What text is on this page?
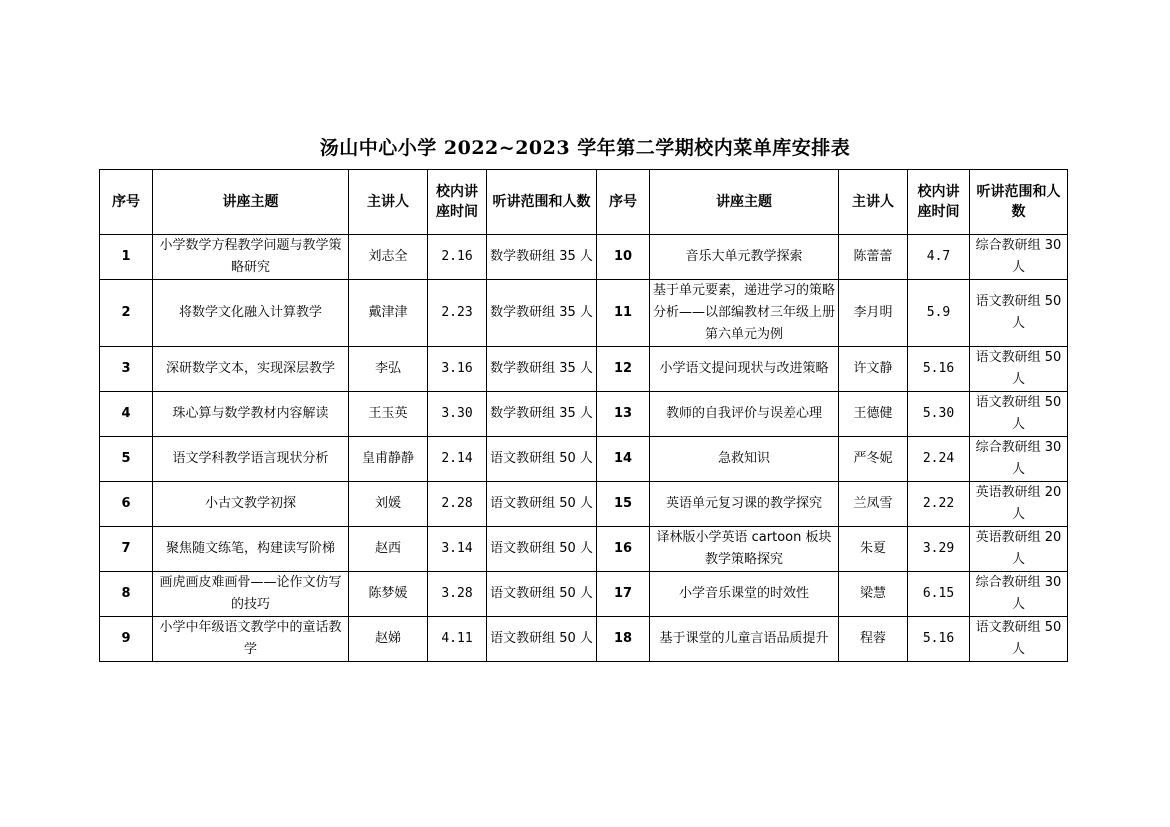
汤山中心小学 2022~2023 学年第二学期校内菜单库安排表
序号	讲座主题	主讲人	校内讲座时间	听讲范围和人数	序号	讲座主题	主讲人	校内讲座时间	听讲范围和人数
1	小学数学方程教学问题与教学策略研究	刘志全	2.16	数学教研组 35 人	10	音乐大单元教学探索	陈蕾蕾	4.7	综合教研组 30 人
2	将数学文化融入计算教学	戴津津	2.23	数学教研组 35 人	11	基于单元要素，递进学习的策略分析——以部编教材三年级上册第六单元为例	李月明	5.9	语文教研组 50 人
3	深研数学文本，实现深层教学	李弘	3.16	数学教研组 35 人	12	小学语文提问现状与改进策略	许文静	5.16	语文教研组 50 人
4	珠心算与数学教材内容解读	王玉英	3.30	数学教研组 35 人	13	教师的自我评价与误差心理	王德健	5.30	语文教研组 50 人
5	语文学科教学语言现状分析	皇甫静静	2.14	语文教研组 50 人	14	急救知识	严冬妮	2.24	综合教研组 30 人
6	小古文教学初探	刘媛	2.28	语文教研组 50 人	15	英语单元复习课的教学探究	兰凤雪	2.22	英语教研组 20 人
7	聚焦随文练笔，构建读写阶梯	赵西	3.14	语文教研组 50 人	16	译林版小学英语 cartoon 板块教学策略探究	朱夏	3.29	英语教研组 20 人
8	画虎画皮难画骨——论作文仿写的技巧	陈梦媛	3.28	语文教研组 50 人	17	小学音乐课堂的时效性	梁慧	6.15	综合教研组 30 人
9	小学中年级语文教学中的童话教学	赵娣	4.11	语文教研组 50 人	18	基于课堂的儿童言语品质提升	程蓉	5.16	语文教研组 50 人
